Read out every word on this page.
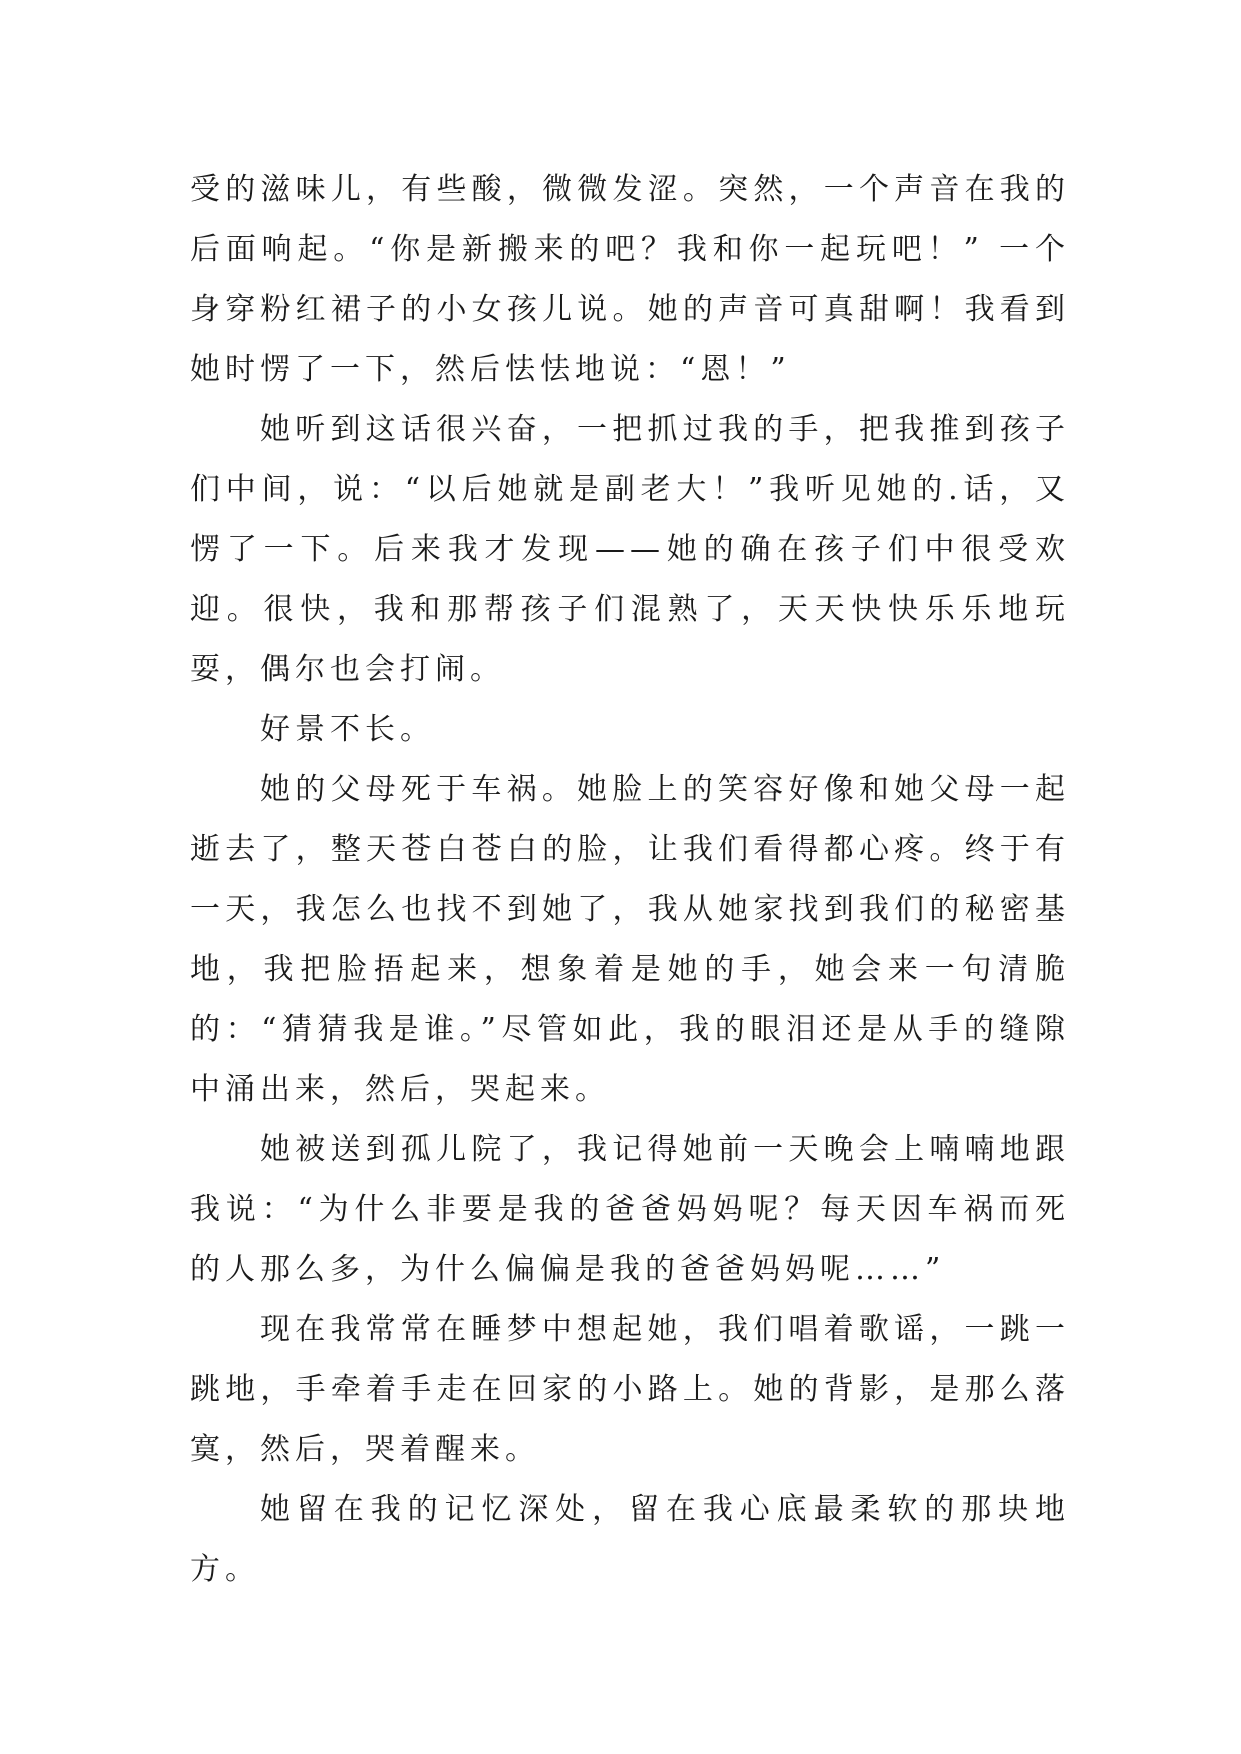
受的滋味儿，有些酸，微微发涩。突然，一个声音在我的后面响起。“你是新搬来的吧？我和你一起玩吧！” 一个身穿粉红裙子的小女孩儿说。她的声音可真甜啊！我看到她时愣了一下，然后怯怯地说：“恩！”

她听到这话很兴奋，一把抓过我的手，把我推到孩子们中间，说：“以后她就是副老大！”我听见她的.话，又愣了一下。后来我才发现——她的确在孩子们中很受欢迎。很快，我和那帮孩子们混熟了，天天快快乐乐地玩耍，偶尔也会打闹。

好景不长。

她的父母死于车祸。她脸上的笑容好像和她父母一起逝去了，整天苍白苍白的脸，让我们看得都心疼。终于有一天，我怎么也找不到她了，我从她家找到我们的秘密基地，我把脸捂起来，想象着是她的手，她会来一句清脆的：“猜猜我是谁。”尽管如此，我的眼泪还是从手的缝隙中涌出来，然后，哭起来。

她被送到孤儿院了，我记得她前一天晚会上喃喃地跟我说：“为什么非要是我的爸爸妈妈呢？每天因车祸而死的人那么多，为什么偏偏是我的爸爸妈妈呢……”

现在我常常在睡梦中想起她，我们唱着歌谣，一跳一跳地，手牵着手走在回家的小路上。她的背影，是那么落寞，然后，哭着醒来。

她留在我的记忆深处，留在我心底最柔软的那块地方。
